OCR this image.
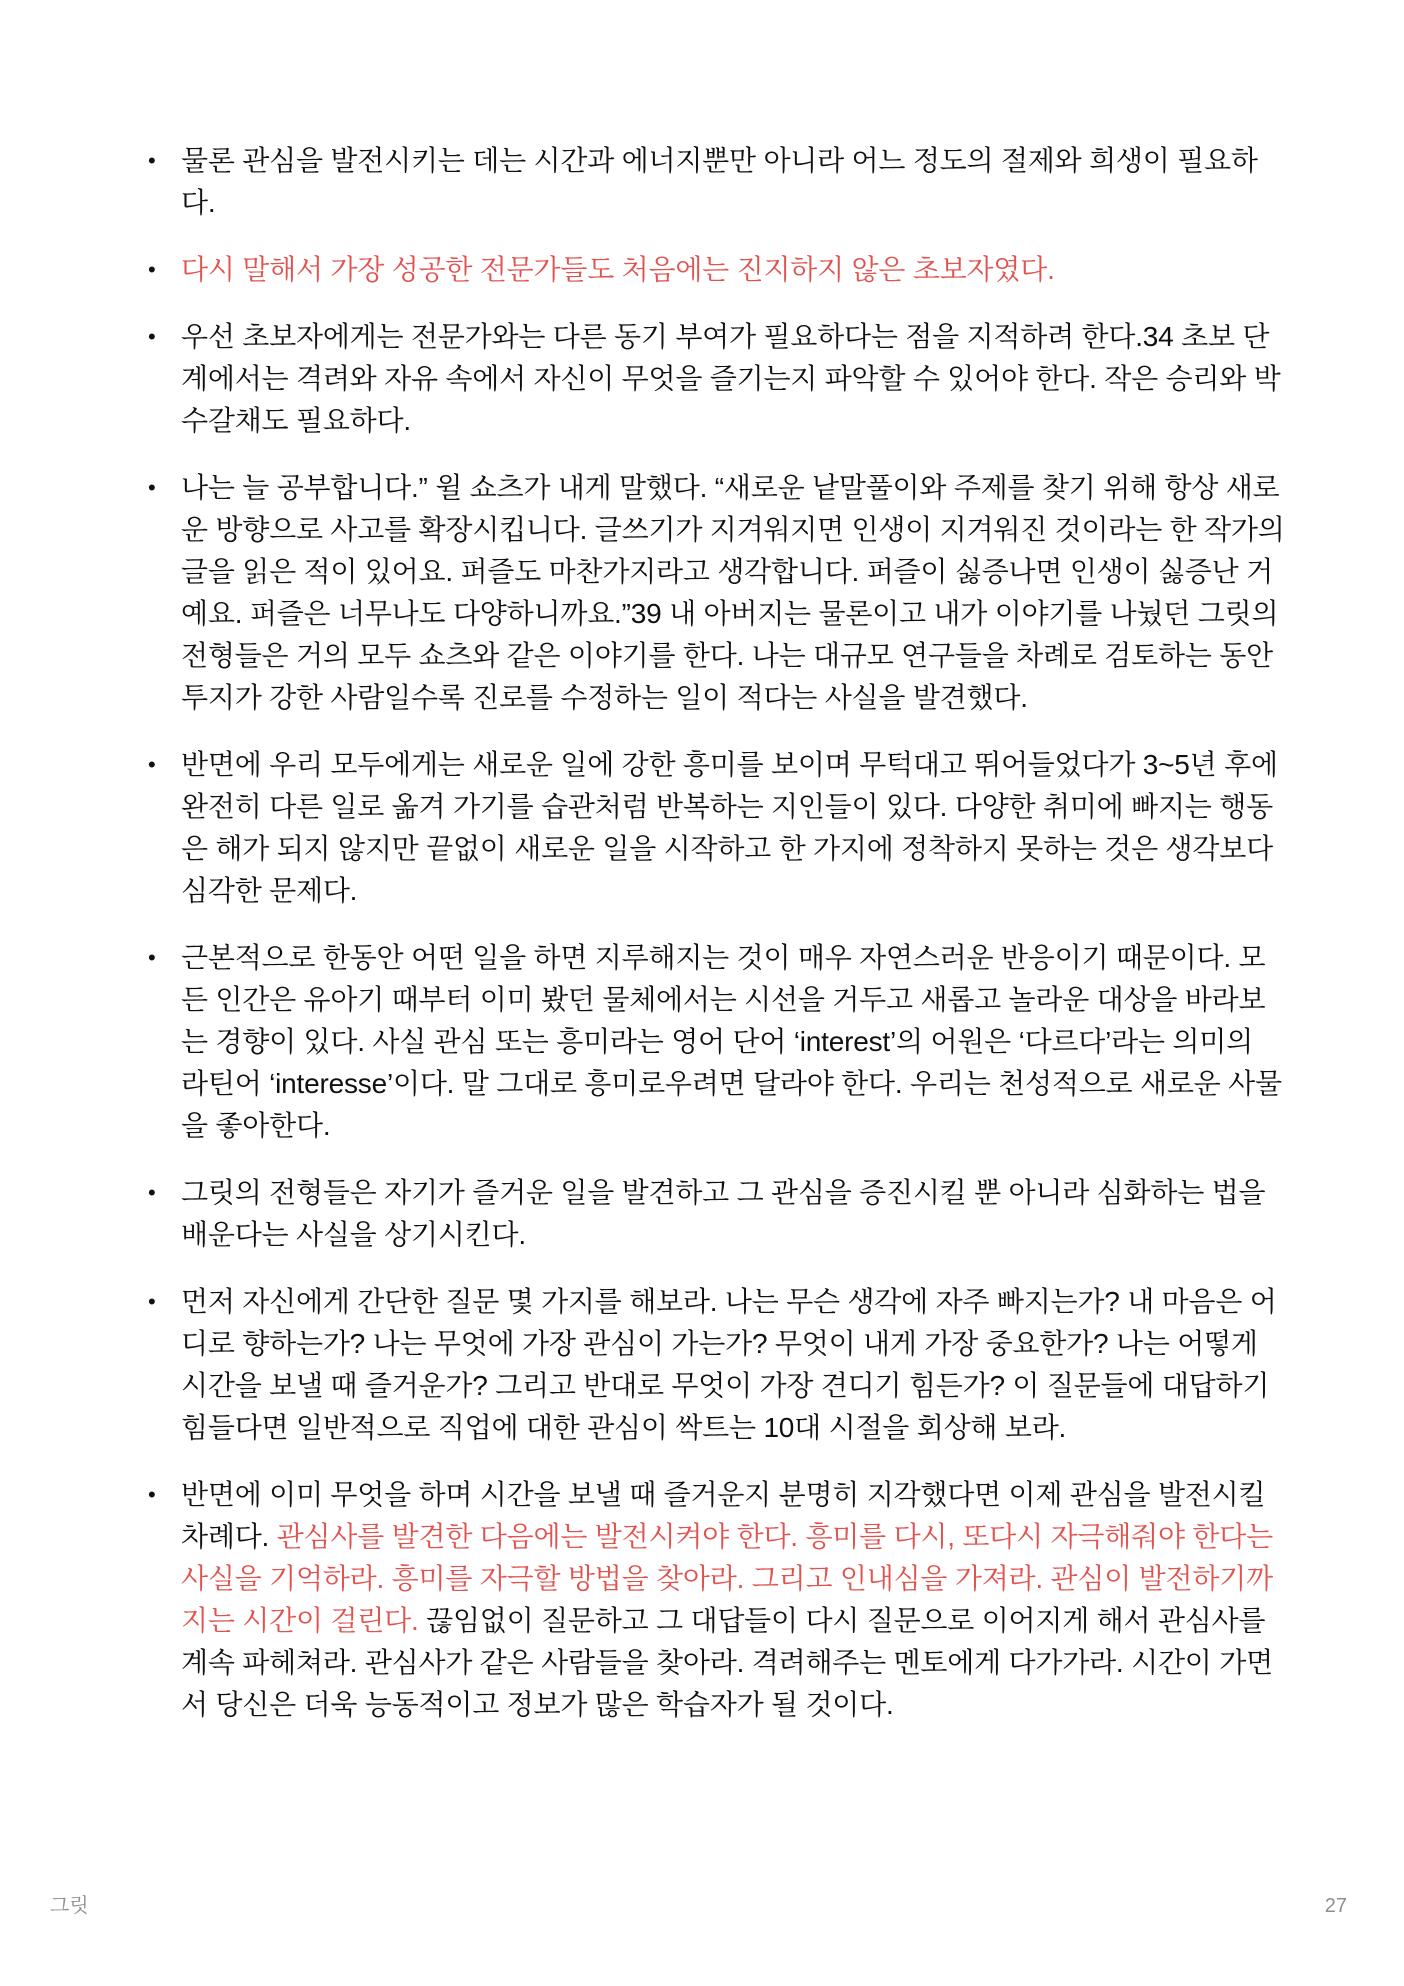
• 물론 관심을 발전시키는 데는 시간과 에너지뿐만 아니라 어느 정도의 절제와 희생이 필요하다.
• 다시 말해서 가장 성공한 전문가들도 처음에는 진지하지 않은 초보자였다.
• 우선 초보자에게는 전문가와는 다른 동기 부여가 필요하다는 점을 지적하려 한다.34 초보 단계에서는 격려와 자유 속에서 자신이 무엇을 즐기는지 파악할 수 있어야 한다. 작은 승리와 박수갈채도 필요하다.
• 나는 늘 공부합니다.” 윌 쇼츠가 내게 말했다. “새로운 낱말풀이와 주제를 찾기 위해 항상 새로운 방향으로 사고를 확장시킵니다. 글쓰기가 지겨워지면 인생이 지겨워진 것이라는 한 작가의 글을 읽은 적이 있어요. 퍼즐도 마찬가지라고 생각합니다. 퍼즐이 싫증나면 인생이 싫증난 거예요. 퍼즐은 너무나도 다양하니까요.”39 내 아버지는 물론이고 내가 이야기를 나눴던 그릿의 전형들은 거의 모두 쇼츠와 같은 이야기를 한다. 나는 대규모 연구들을 차례로 검토하는 동안 투지가 강한 사람일수록 진로를 수정하는 일이 적다는 사실을 발견했다.
• 반면에 우리 모두에게는 새로운 일에 강한 흥미를 보이며 무턱대고 뛰어들었다가 3~5년 후에 완전히 다른 일로 옮겨 가기를 습관처럼 반복하는 지인들이 있다. 다양한 취미에 빠지는 행동은 해가 되지 않지만 끝없이 새로운 일을 시작하고 한 가지에 정착하지 못하는 것은 생각보다 심각한 문제다.
• 근본적으로 한동안 어떤 일을 하면 지루해지는 것이 매우 자연스러운 반응이기 때문이다. 모든 인간은 유아기 때부터 이미 봤던 물체에서는 시선을 거두고 새롭고 놀라운 대상을 바라보는 경향이 있다. 사실 관심 또는 흥미라는 영어 단어 ‘interest’의 어원은 ‘다르다’라는 의미의 라틴어 ‘interesse’이다. 말 그대로 흥미로우려면 달라야 한다. 우리는 천성적으로 새로운 사물을 좋아한다.
• 그릿의 전형들은 자기가 즐거운 일을 발견하고 그 관심을 증진시킬 뿐 아니라 심화하는 법을 배운다는 사실을 상기시킨다.
• 먼저 자신에게 간단한 질문 몇 가지를 해보라. 나는 무슨 생각에 자주 빠지는가? 내 마음은 어디로 향하는가? 나는 무엇에 가장 관심이 가는가? 무엇이 내게 가장 중요한가? 나는 어떻게 시간을 보낼 때 즐거운가? 그리고 반대로 무엇이 가장 견디기 힘든가? 이 질문들에 대답하기 힘들다면 일반적으로 직업에 대한 관심이 싹트는 10대 시절을 회상해 보라.
• 반면에 이미 무엇을 하며 시간을 보낼 때 즐거운지 분명히 지각했다면 이제 관심을 발전시킬 차례다. 관심사를 발견한 다음에는 발전시켜야 한다. 흥미를 다시, 또다시 자극해줘야 한다는 사실을 기억하라. 흥미를 자극할 방법을 찾아라. 그리고 인내심을 가져라. 관심이 발전하기까지는 시간이 걸린다. 끊임없이 질문하고 그 대답들이 다시 질문으로 이어지게 해서 관심사를 계속 파헤쳐라. 관심사가 같은 사람들을 찾아라. 격려해주는 멘토에게 다가가라. 시간이 가면서 당신은 더욱 능동적이고 정보가 많은 학습자가 될 것이다.
그릿	27
